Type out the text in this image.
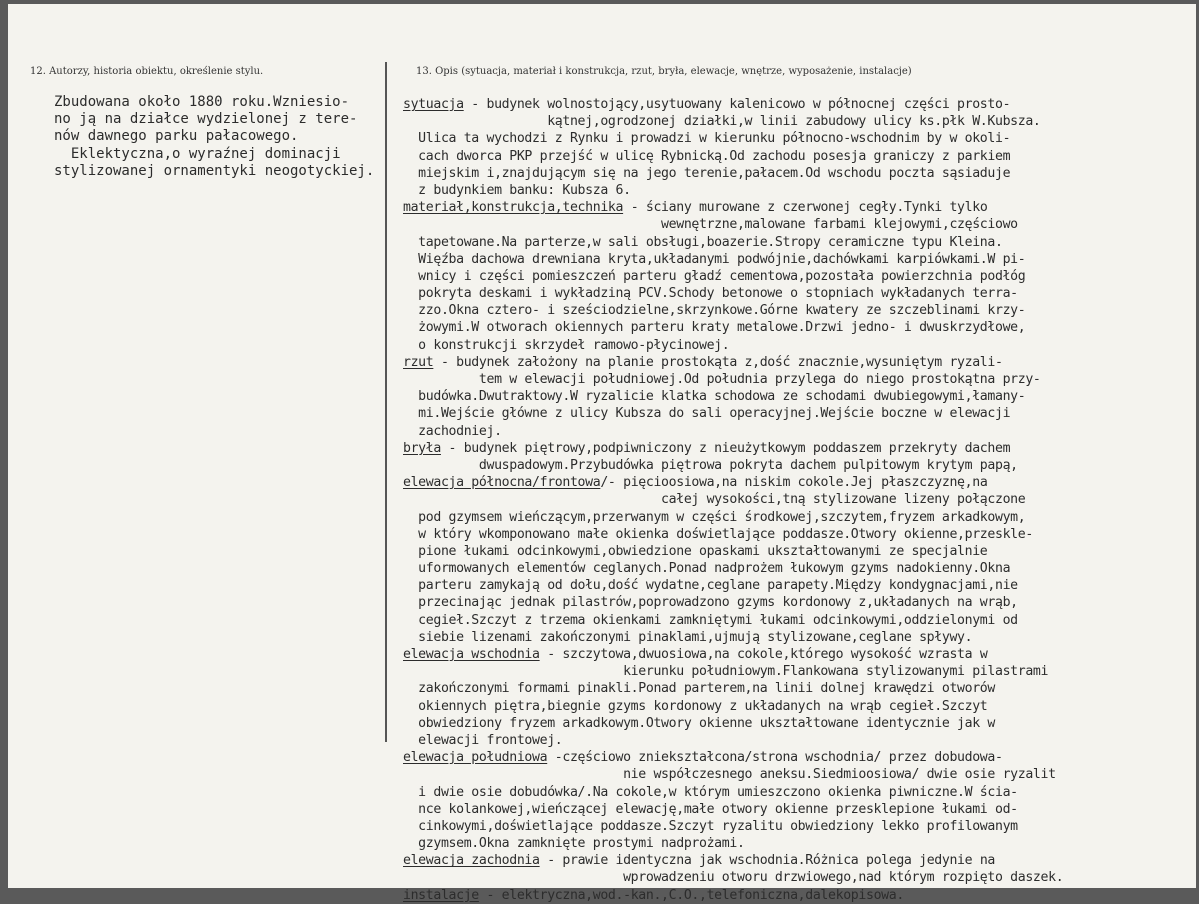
12. Autorzy, historia obiektu, określenie stylu.	13. Opis (sytuacja, materiał i konstrukcja, rzut, bryła, elewacje, wnętrze, wyposażenie, instalacje)
Zbudowana około 1880 roku.Wzniesio-
no ją na działce wydzielonej z tere-
nów dawnego parku pałacowego.
Eklektyczna,o wyraźnej dominacji
stylizowanej ornamentyki neogotyckiej.
sytuacja - budynek wolnostojący,usytuowany kalenicowo w północnej części prosto-
kątnej,ogrodzonej działki,w linii zabudowy ulicy ks.płk W.Kubsza.
Ulica ta wychodzi z Rynku i prowadzi w kierunku północno-wschodnim by w okoli-
cach dworca PKP przejść w ulicę Rybnicką.Od zachodu posesja graniczy z parkiem
miejskim i,znajdującym się na jego terenie,pałacem.Od wschodu poczta sąsiaduje
z budynkiem banku: Kubsza 6.
materiał,konstrukcja,technika - ściany murowane z czerwonej cegły.Tynki tylko
wewnętrzne,malowane farbami klejowymi,częściowo
tapetowane.Na parterze,w sali obsługi,boazerie.Stropy ceramiczne typu Kleina.
Więźba dachowa drewniana kryta,układanymi podwójnie,dachówkami karpiówkami.W pi-
wnicy i części pomieszczeń parteru gładź cementowa,pozostała powierzchnia podłóg
pokryta deskami i wykładziną PCV.Schody betonowe o stopniach wykładanych terra-
zzo.Okna cztero- i sześciodzielne,skrzynkowe.Górne kwatery ze szczeblinami krzy-
żowymi.W otworach okiennych parteru kraty metalowe.Drzwi jedno- i dwuskrzydłowe,
o konstrukcji skrzydeł ramowo-płycinowej.
rzut - budynek założony na planie prostokąta z,dość znacznie,wysuniętym ryzali-
tem w elewacji południowej.Od południa przylega do niego prostokątna przy-
budówka.Dwutraktowy.W ryzalicie klatka schodowa ze schodami dwubiegowymi,łamany-
mi.Wejście główne z ulicy Kubsza do sali operacyjnej.Wejście boczne w elewacji
zachodniej.
bryła - budynek piętrowy,podpiwniczony z nieużytkowym poddaszem przekryty dachem
dwuspadowym.Przybudówka piętrowa pokryta dachem pulpitowym krytym papą,
elewacja północna/frontowa/- pięcioosiowa,na niskim cokole.Jej płaszczyznę,na
całej wysokości,tną stylizowane lizeny połączone
pod gzymsem wieńczącym,przerwanym w części środkowej,szczytem,fryzem arkadkowym,
w który wkomponowano małe okienka doświetlające poddasze.Otwory okienne,przeskle-
pione łukami odcinkowymi,obwiedzione opaskami ukształtowanymi ze specjalnie
uformowanych elementów ceglanych.Ponad nadprożem łukowym gzyms nadokienny.Okna
parteru zamykają od dołu,dość wydatne,ceglane parapety.Między kondygnacjami,nie
przecinając jednak pilastrów,poprowadzono gzyms kordonowy z,układanych na wrąb,
cegieł.Szczyt z trzema okienkami zamkniętymi łukami odcinkowymi,oddzielonymi od
siebie lizenami zakończonymi pinaklami,ujmują stylizowane,ceglane spływy.
elewacja wschodnia - szczytowa,dwuosiowa,na cokole,którego wysokość wzrasta w
kierunku południowym.Flankowana stylizowanymi pilastrami
zakończonymi formami pinakli.Ponad parterem,na linii dolnej krawędzi otworów
okiennych piętra,biegnie gzyms kordonowy z układanych na wrąb cegieł.Szczyt
obwiedziony fryzem arkadkowym.Otwory okienne ukształtowane identycznie jak w
elewacji frontowej.
elewacja południowa -częściowo zniekształcona/strona wschodnia/ przez dobudowa-
nie współczesnego aneksu.Siedmioosiowa/ dwie osie ryzalit
i dwie osie dobudówka/.Na cokole,w którym umieszczono okienka piwniczne.W ścia-
nce kolankowej,wieńczącej elewację,małe otwory okienne przesklepione łukami od-
cinkowymi,doświetlające poddasze.Szczyt ryzalitu obwiedziony lekko profilowanym
gzymsem.Okna zamknięte prostymi nadprożami.
elewacja zachodnia - prawie identyczna jak wschodnia.Różnica polega jedynie na
wprowadzeniu otworu drzwiowego,nad którym rozpięto daszek.
instalacje - elektryczna,wod.-kan.,C.O.,telefoniczna,dalekopisowa.
